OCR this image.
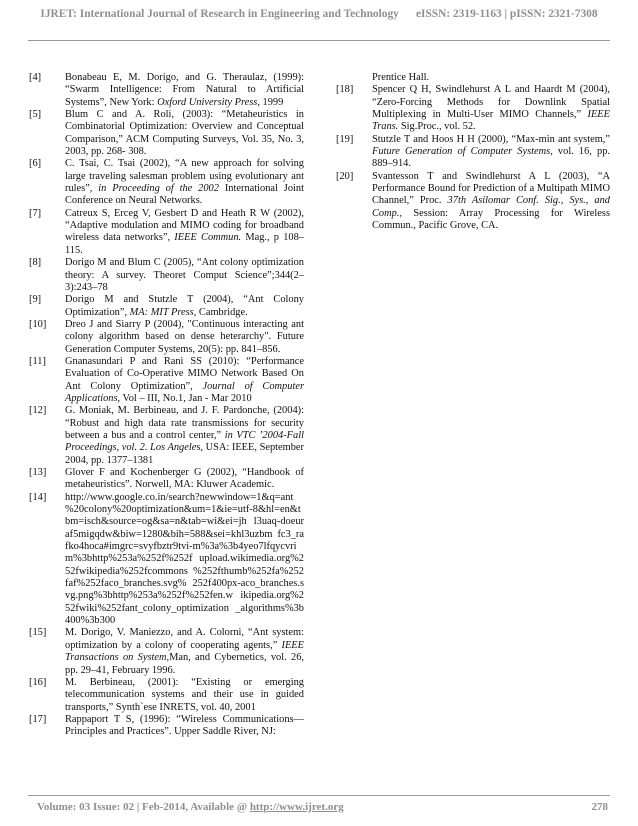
IJRET: International Journal of Research in Engineering and Technology eISSN: 2319-1163 | pISSN: 2321-7308
[4]	Bonabeau E, M. Dorigo, and G. Theraulaz, (1999): “Swarm Intelligence: From Natural to Artificial Systems”, New York: Oxford University Press, 1999
[5]	Blum C and A. Roli, (2003): “Metaheuristics in Combinatorial Optimization: Overview and Conceptual Comparison,” ACM Computing Surveys, Vol. 35, No. 3, 2003, pp. 268- 308.
[6]	C. Tsai, C. Tsai (2002), “A new approach for solving large traveling salesman problem using evolutionary ant rules”, in Proceeding of the 2002 International Joint Conference on Neural Networks.
[7]	Catreux S, Erceg V, Gesbert D and Heath R W (2002), “Adaptive modulation and MIMO coding for broadband wireless data networks”, IEEE Commun. Mag., p 108–115.
[8]	Dorigo M and Blum C (2005), “Ant colony optimization theory: A survey. Theoret Comput Science”;344(2–3):243–78
[9]	Dorigo M and Stutzle T (2004), “Ant Colony Optimization”, MA: MIT Press, Cambridge.
[10]	Dreo J and Siarry P (2004), "Continuous interacting ant colony algorithm based on dense heterarchy". Future Generation Computer Systems, 20(5): pp. 841–856.
[11]	Gnanasundari P and Rani SS (2010): “Performance Evaluation of Co-Operative MIMO Network Based On Ant Colony Optimization”, Journal of Computer Applications, Vol – III, No.1, Jan - Mar 2010
[12]	G. Moniak, M. Berbineau, and J. F. Pardonche, (2004): “Robust and high data rate transmissions for security between a bus and a control center,” in VTC ’2004-Fall Proceedings, vol. 2. Los Angeles, USA: IEEE, September 2004, pp. 1377–1381
[13]	Glover F and Kochenberger G (2002), “Handbook of metaheuristics”. Norwell, MA: Kluwer Academic.
[14]	http://www.google.co.in/search?newwindow=1&q=ant %20colony%20optimization&um=1&ie=utf-8&hl=en&tbm=isch&source=og&sa=n&tab=wi&ei=jh l3uaq-doeuraf5migqdw&biw=1280&bih=588&sei=khl3uzbm fc3_rafko4hoca#imgrc=svyfbztr9tvi-m%3a%3b4yeo7lfqycvrim%3bhttp%253a%252f%252f upload.wikimedia.org%252fwikipedia%252fcommons %252fthumb%252fa%252faf%252faco_branches.svg% 252f400px-aco_branches.svg.png%3bhttp%253a%252f%252fen.w ikipedia.org%252fwiki%252fant_colony_optimization _algorithms%3b400%3b300
[15]	M. Dorigo, V. Maniezzo, and A. Colorni, “Ant system: optimization by a colony of cooperating agents,” IEEE Transactions on System,Man, and Cybernetics, vol. 26, pp. 29–41, February 1996.
[16]	M. Berbineau, (2001): “Existing or emerging telecommunication systems and their use in guided transports,” Synth`ese INRETS, vol. 40, 2001
[17]	Rappaport T S, (1996): “Wireless Communications—Principles and Practices”. Upper Saddle River, NJ:
Prentice Hall.
[18]	Spencer Q H, Swindlehurst A L and Haardt M (2004), “Zero-Forcing Methods for Downlink Spatial Multiplexing in Multi-User MIMO Channels,” IEEE Trans. Sig.Proc., vol. 52.
[19]	Stutzle T and Hoos H H (2000), “Max-min ant system,” Future Generation of Computer Systems, vol. 16, pp. 889–914.
[20]	Svantesson T and Swindlehurst A L (2003), “A Performance Bound for Prediction of a Multipath MIMO Channel,” Proc. 37th Asilomar Conf. Sig., Sys., and Comp., Session: Array Processing for Wireless Commun., Pacific Grove, CA.
Volume: 03 Issue: 02 | Feb-2014, Available @ http://www.ijret.org	278
